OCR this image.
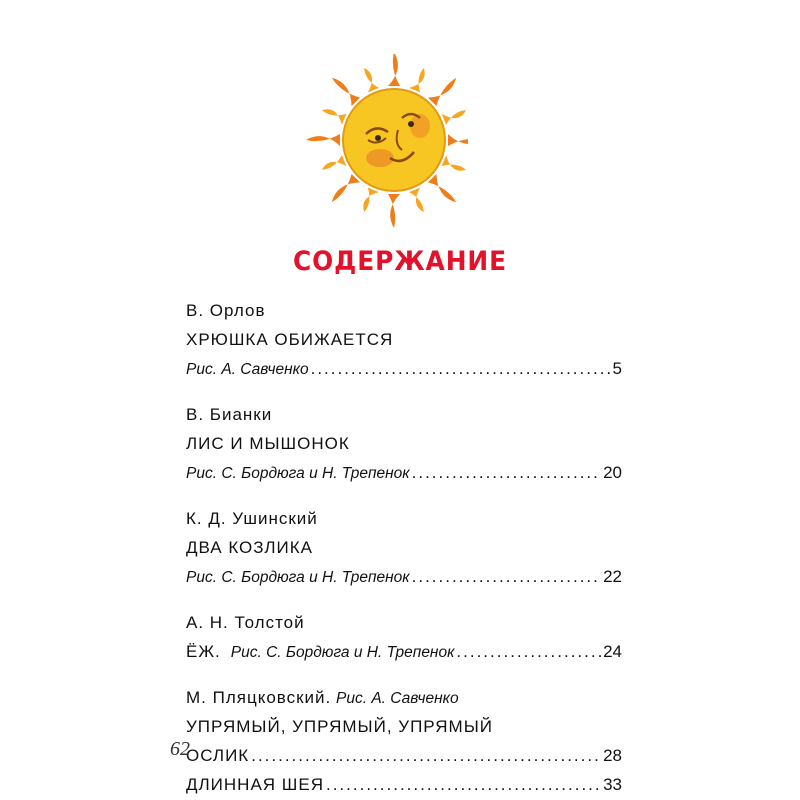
СОДЕРЖАНИЕ
В. Орлов
ХРЮШКА ОБИЖАЕТСЯ
Рис. А. Савченко .....	5
В. Бианки
ЛИС И МЫШОНОК
Рис. С. Бордюга и Н. Трепенок .....	20
К. Д. Ушинский
ДВА КОЗЛИКА
Рис. С. Бордюга и Н. Трепенок .....	22
А. Н. Толстой
ЁЖ. Рис. С. Бордюга и Н. Трепенок .....	24
М. Пляцковский. Рис. А. Савченко
УПРЯМЫЙ, УПРЯМЫЙ, УПРЯМЫЙ
ОСЛИК .....	28
ДЛИННАЯ ШЕЯ .....	33
62
